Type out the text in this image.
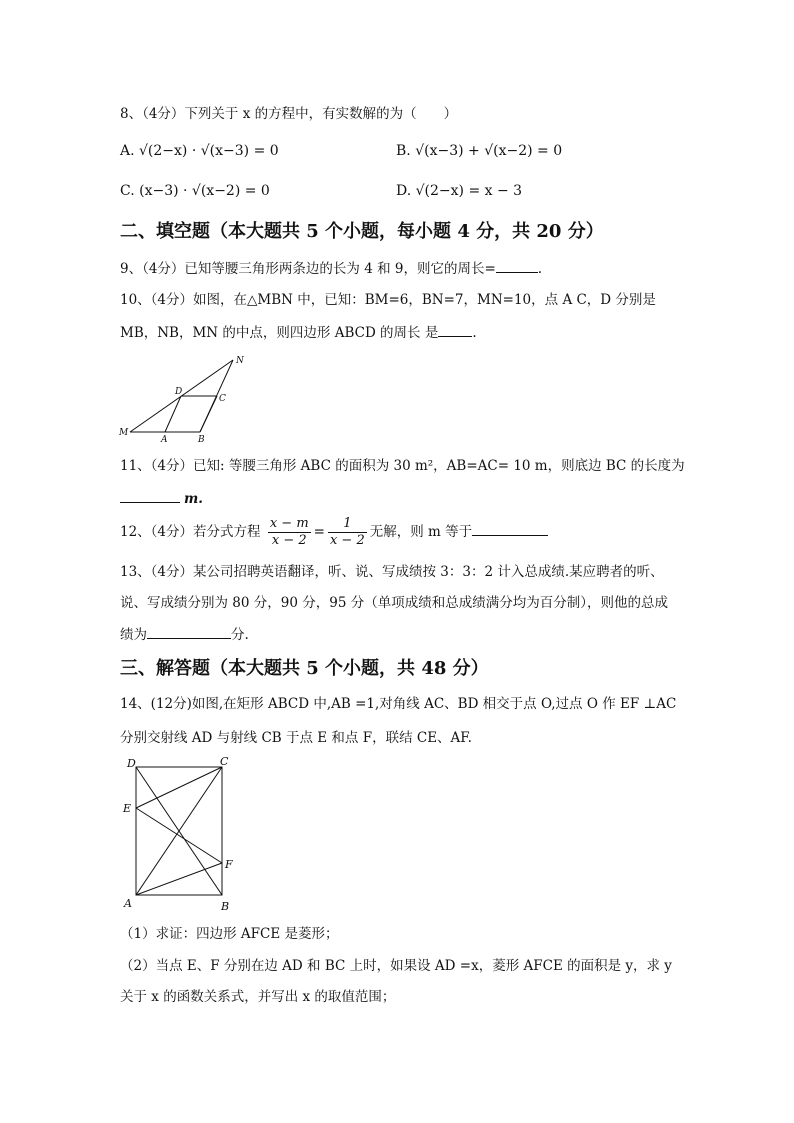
8、（4分）下列关于 x 的方程中，有实数解的为（　　）
A. √(2−x) · √(x−3) = 0	B. √(x−3) + √(x−2) = 0
C. (x−3) · √(x−2) = 0	D. √(2−x) = x − 3
二、填空题（本大题共 5 个小题，每小题 4 分，共 20 分）
9、（4分）已知等腰三角形两条边的长为 4 和 9，则它的周长=	.
10、（4分）如图，在△MBN 中，已知：BM=6，BN=7，MN=10，点 A C，D 分别是
MB，NB，MN 的中点，则四边形 ABCD 的周长 是	.
N
D
C
M
A	B
11、（4分）已知: 等腰三角形 ABC 的面积为 30 m²，AB=AC= 10 m，则底边 BC 的长度为
m.
12、（4分）若分式方程 $\frac{x - m}{x - 2} = \frac{1}{x - 2}$ 无解，则 m 等于
13、（4分）某公司招聘英语翻译，听、说、写成绩按 3：3：2 计入总成绩.某应聘者的听、
说、写成绩分别为 80 分，90 分，95 分（单项成绩和总成绩满分均为百分制），则他的总成
绩为	分.
三、解答题（本大题共 5 个小题，共 48 分）
14、(12分)如图,在矩形 ABCD 中,AB =1,对角线 AC、BD 相交于点 O,过点 O 作 EF ⊥AC
分别交射线 AD 与射线 CB 于点 E 和点 F，联结 CE、AF.
D	C
E
F
A	B
（1）求证：四边形 AFCE 是菱形；
（2）当点 E、F 分别在边 AD 和 BC 上时，如果设 AD =x，菱形 AFCE 的面积是 y，求 y
关于 x 的函数关系式，并写出 x 的取值范围；
